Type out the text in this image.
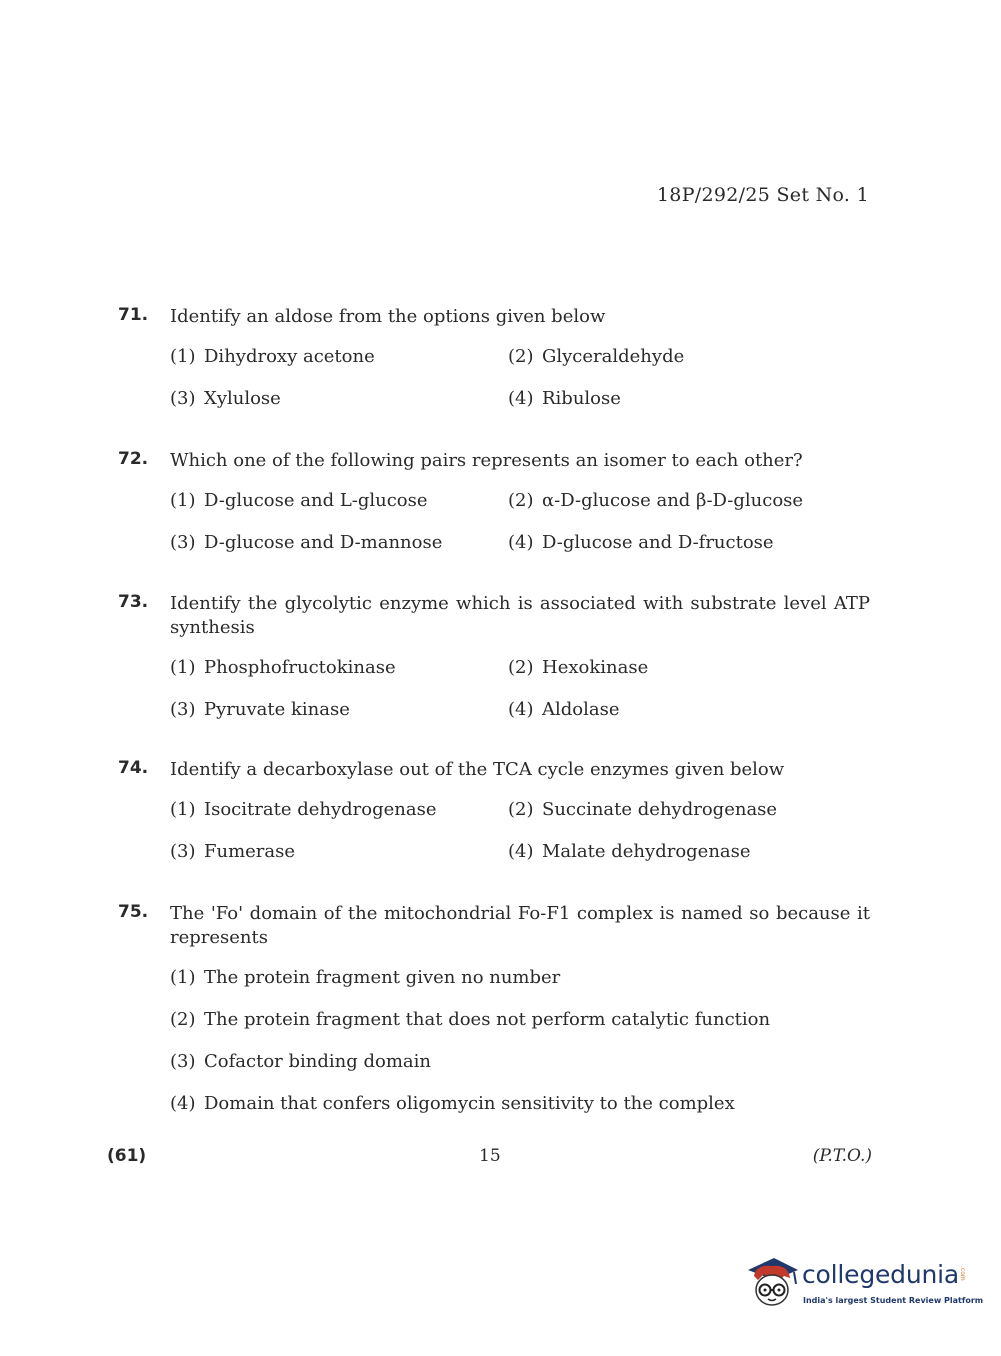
18P/292/25 Set No. 1
71. Identify an aldose from the options given below
(1) Dihydroxy acetone	(2) Glyceraldehyde
(3) Xylulose	(4) Ribulose
72. Which one of the following pairs represents an isomer to each other?
(1) D-glucose and L-glucose	(2) α-D-glucose and β-D-glucose
(3) D-glucose and D-mannose	(4) D-glucose and D-fructose
73. Identify the glycolytic enzyme which is associated with substrate level ATP synthesis
(1) Phosphofructokinase	(2) Hexokinase
(3) Pyruvate kinase	(4) Aldolase
74. Identify a decarboxylase out of the TCA cycle enzymes given below
(1) Isocitrate dehydrogenase	(2) Succinate dehydrogenase
(3) Fumerase	(4) Malate dehydrogenase
75. The 'Fo' domain of the mitochondrial Fo-F1 complex is named so because it represents
(1) The protein fragment given no number
(2) The protein fragment that does not perform catalytic function
(3) Cofactor binding domain
(4) Domain that confers oligomycin sensitivity to the complex
(61)	15	(P.T.O.)
collegedunia .com
India's largest Student Review Platform
